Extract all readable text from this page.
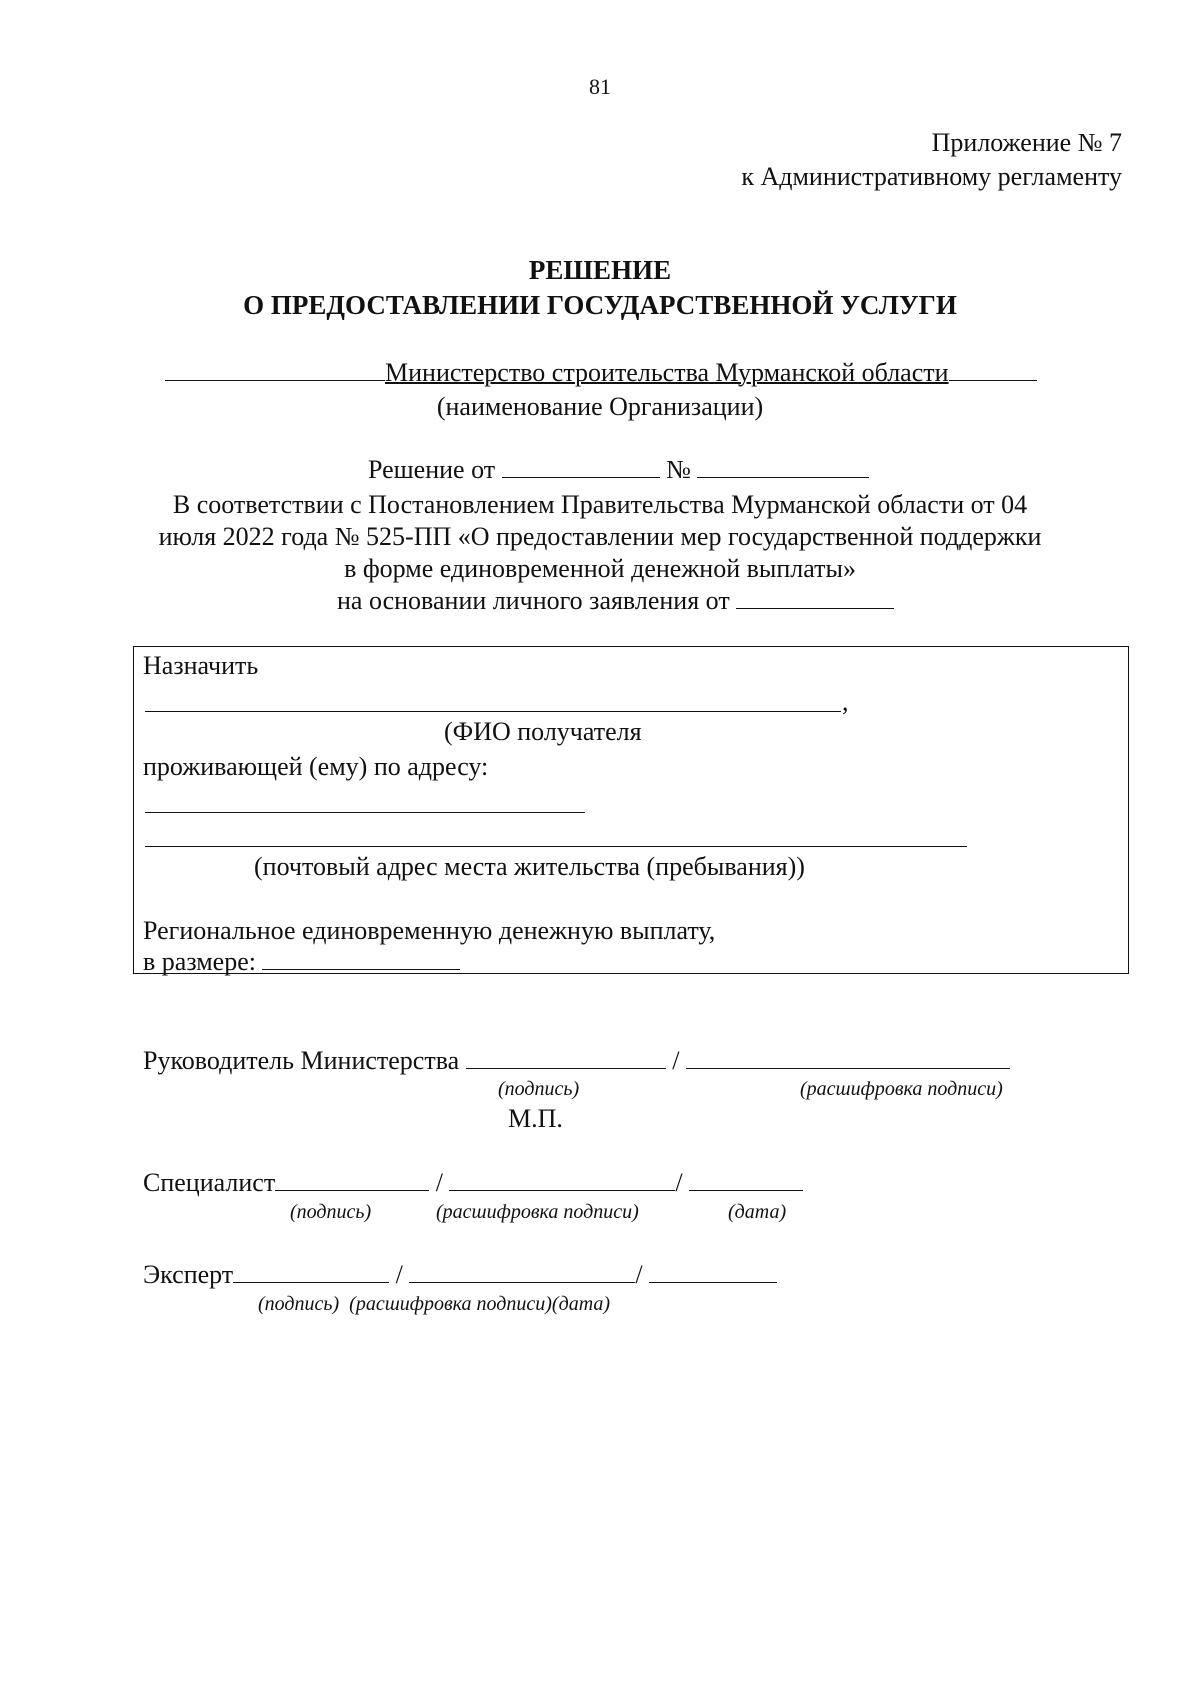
81
Приложение № 7
к Административному регламенту
РЕШЕНИЕ
О ПРЕДОСТАВЛЕНИИ ГОСУДАРСТВЕННОЙ УСЛУГИ
Министерство строительства Мурманской области
(наименование Организации)
Решение от	№
В соответствии с Постановлением Правительства Мурманской области от 04
июля 2022 года № 525-ПП «О предоставлении мер государственной поддержки
в форме единовременной денежной выплаты»
на основании личного заявления от
Назначить
,
(ФИО получателя
проживающей (ему) по адресу:
(почтовый адрес места жительства (пребывания))
Региональное единовременную денежную выплату,
в размере:
Руководитель Министерства	/
(подпись)	(расшифровка подписи)
М.П.
Специалист	/	/
(подпись)	(расшифровка подписи)	(дата)
Эксперт	/	/
(подпись)  (расшифровка подписи)(дата)
